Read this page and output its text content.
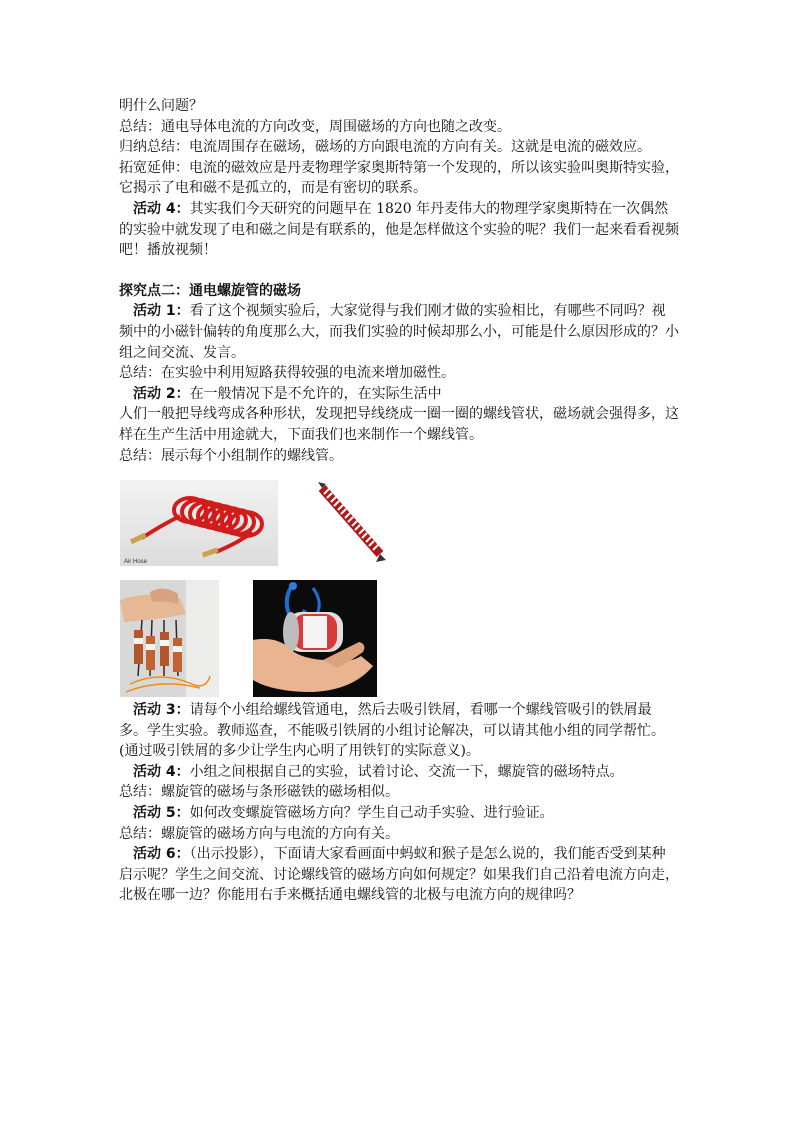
明什么问题？

总结：通电导体电流的方向改变，周围磁场的方向也随之改变。

归纳总结：电流周围存在磁场，磁场的方向跟电流的方向有关。这就是电流的磁效应。

拓宽延伸：电流的磁效应是丹麦物理学家奥斯特第一个发现的，所以该实验叫奥斯特实验，它揭示了电和磁不是孤立的，而是有密切的联系。

活动 4：其实我们今天研究的问题早在 1820 年丹麦伟大的物理学家奥斯特在一次偶然的实验中就发现了电和磁之间是有联系的，他是怎样做这个实验的呢？我们一起来看看视频吧！播放视频！

探究点二：通电螺旋管的磁场

活动 1：看了这个视频实验后，大家觉得与我们刚才做的实验相比，有哪些不同吗？视频中的小磁针偏转的角度那么大，而我们实验的时候却那么小，可能是什么原因形成的？小组之间交流、发言。

总结：在实验中利用短路获得较强的电流来增加磁性。

活动 2：在一般情况下是不允许的，在实际生活中

人们一般把导线弯成各种形状，发现把导线绕成一圈一圈的螺线管状，磁场就会强得多，这样在生产生活中用途就大，下面我们也来制作一个螺线管。

总结：展示每个小组制作的螺线管。

Air Hose

活动 3：请每个小组给螺线管通电，然后去吸引铁屑，看哪一个螺线管吸引的铁屑最多。学生实验。教师巡查，不能吸引铁屑的小组讨论解决，可以请其他小组的同学帮忙。(通过吸引铁屑的多少让学生内心明了用铁钉的实际意义)。

活动 4：小组之间根据自己的实验，试着讨论、交流一下，螺旋管的磁场特点。

总结：螺旋管的磁场与条形磁铁的磁场相似。

活动 5：如何改变螺旋管磁场方向？学生自己动手实验、进行验证。

总结：螺旋管的磁场方向与电流的方向有关。

活动 6：（出示投影），下面请大家看画面中蚂蚁和猴子是怎么说的，我们能否受到某种启示呢？学生之间交流、讨论螺线管的磁场方向如何规定？如果我们自己沿着电流方向走，北极在哪一边？你能用右手来概括通电螺线管的北极与电流方向的规律吗？
